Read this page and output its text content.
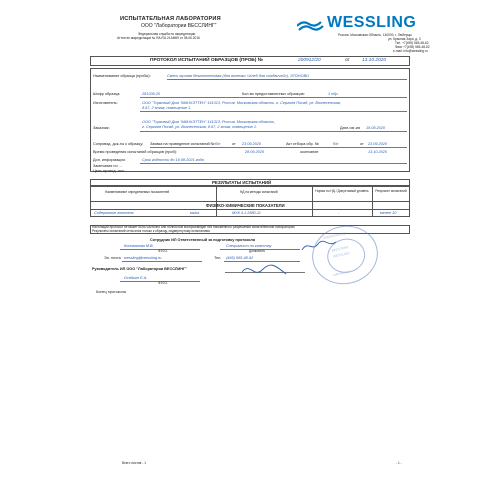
ИСПЫТАТЕЛЬНАЯ ЛАБОРАТОРИЯ
ООО "Лаборатории ВЕССЛИНГ"
Федеральная служба по аккредитации
Аттестат аккредитации № RA.RU.21АМ69 от 08.06.2016
WESSLING
Россия, Московская Область, 140000, г. Люберцы
ул. Красная Заря, д. 3
Тел. +7(495) 565-48-62
Факс +7(495) 565-48-62
e-mail: info@wessling.ru
ПРОТОКОЛ ИСПЫТАНИЙ ОБРАЗЦОВ (ПРОБ) №	200912/20	от	13.10.2020
Наименование образца (пробы):	Смесь мучная безглютеновая (для выпечки «Хлеб для синдвичей»), ЭТОНОВО
Шифр образца:	281209-20	Кол-во предоставленных образцов:	1 обр.
Изготовитель:	ООО "Торговый Дом "МАНХЭТТЕН" 141313, Россия, Московская область, г. Сергиев Посад, ул. Вознесенская,
д.67, 2 этаж, помещение 1.
Заказчик:
ООО "Торговый Дом "МАНХЭТТЕН" 141313, Россия, Московская область,
г. Сергиев Посад, ул. Вознесенская, д.67, 2 этаж, помещение 1.	Дата изг-ия 19.08.2020
Сопровод. док-ты к образцу: Заявка на проведение испытаний № б/н	от 23.09.2020	Акт отбора обр. №	б/н	от 23.09.2020
Время проведения испытаний образцов (проб):	28.09.2020	окончание	13.10.2020
Доп. информация:	Срок годности до 19.08.2021 года
Замечания по ...
Цель провод. исп.:
РЕЗУЛЬТАТЫ ИСПЫТАНИЙ
Наименование определяемых показателей	НД на методы испытаний	Норма по НД / Допустимый уровень	Результат испытаний
ФИЗИКО-ХИМИЧЕСКИЕ ПОКАЗАТЕЛИ
Содержание глютена	мг/кг	МУК 4.1.2880-11	-	менее 10
Настоящий протокол не может быть частично или полностью воспроизведен без письменного разрешения испытательной лаборатории.
Результаты испытаний относятся только к образцу, подвергнутому испытаниям.
Сотрудник ИЛ Ответственный за подготовку протокола
Коновалова М.В.
Ф.И.О.
Специалист по качеству
Должность
Эл. почта wessling@wessling.ru	Тел. (495) 565-48-62
Руководитель ИЛ ООО "Лаборатории ВЕССЛИНГ"
Осейкин Е.А.
Ф.И.О.
Конец протокола
ЛАБОРАТОРИИ
ВЕССЛИНГ
WESSLING
Laboratories
Всего листов - 1	- 1 -
